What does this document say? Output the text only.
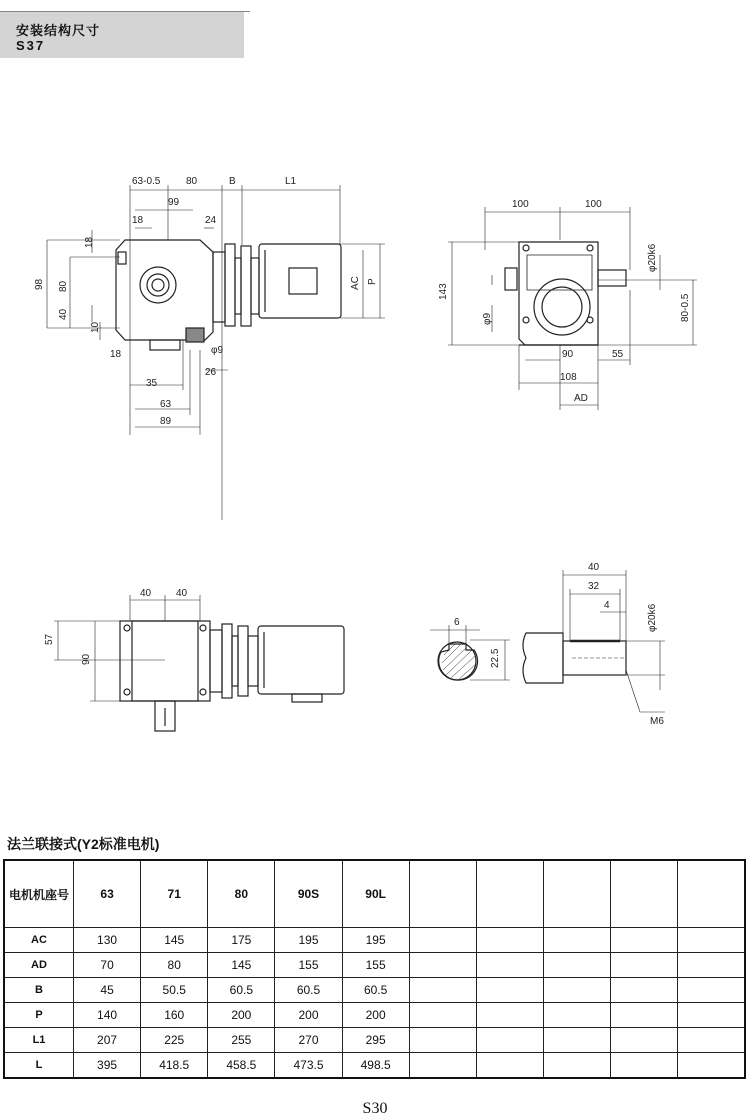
安装结构尺寸
S37
63-0.5	80	B	L1
99
18	24
18
98 80
40
10
18	φ9
26
35
63
89
AC P
100	100
143
φ9
φ20k6
80-0.5
90	55
108
AD
40 40
57
90
6
22.5
40
32
4	φ20k6
M6
法兰联接式(Y2标准电机)
电机机座号	63	71	80	90S	90L					
AC	130	145	175	195	195					
AD	70	80	145	155	155					
B	45	50.5	60.5	60.5	60.5					
P	140	160	200	200	200					
L1	207	225	255	270	295					
L	395	418.5	458.5	473.5	498.5					
S30
